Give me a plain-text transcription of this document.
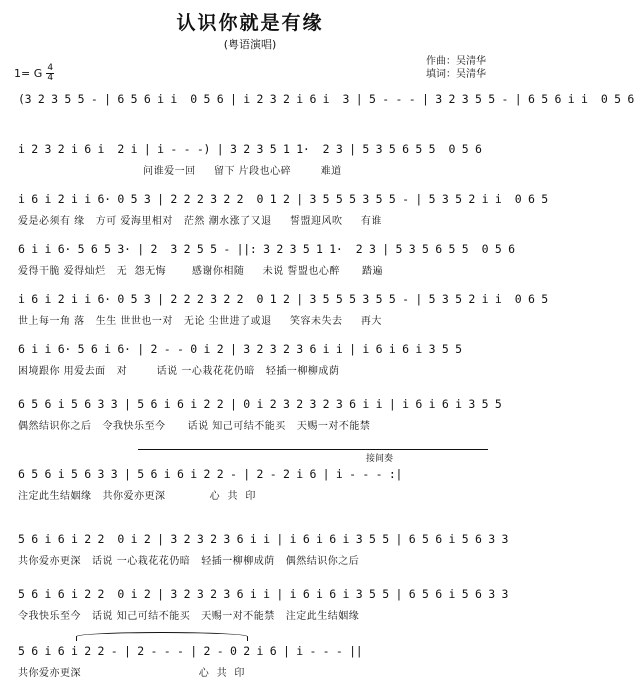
认识你就是有缘
(粤语演唱)
1= G 4
4
作曲：吴清华
填词：吴清华
(3 2 3 5 5 - | 6 5 6 i i  0 5 6 | i 2 3 2 i 6 i  3 | 5 - - - | 3 2 3 5 5 - | 6 5 6 i i  0 5 6
i 2 3 2 i 6 i  2 i | i - - -) | 3 2 3 5 1 1·  2 3 | 5 3 5 6 5 5  0 5 6
问谁爱一回     留下 片段也心碎        难道
i 6 i 2 i i 6· 0 5 3 | 2 2 2 3 2 2  0 1 2 | 3 5 5 5 3 5 5 - | 5 3 5 2 i i  0 6 5
爱是必须有 缘   方可 爱海里相对   茫然 潮水涨了又退     誓盟迎风吹     有谁
6 i i 6· 5 6 5 3· | 2  3 2 5 5 - ||: 3 2 3 5 1 1·  2 3 | 5 3 5 6 5 5  0 5 6
爱得干脆 爱得灿烂   无  怨无悔       感谢你相随     未说 誓盟也心醉      踏遍
i 6 i 2 i i 6· 0 5 3 | 2 2 2 3 2 2  0 1 2 | 3 5 5 5 3 5 5 - | 5 3 5 2 i i  0 6 5
世上每一角 落   生生 世世也一对   无论 尘世进了或退     笑容未失去     再大
6 i i 6· 5 6 i 6· | 2 - - 0 i 2 | 3 2 3 2 3 6 i i | i 6 i 6 i 3 5 5
困境跟你 用爱去面   对        话说 一心栽花花仍暗   轻插一柳柳成荫
6 5 6 i 5 6 3 3 | 5 6 i 6 i 2 2 | 0 i 2 3 2 3 2 3 6 i i | i 6 i 6 i 3 5 5
偶然结识你之后   令我快乐至今      话说 知己可结不能买   天赐一对不能禁
接间奏
6 5 6 i 5 6 3 3 | 5 6 i 6 i 2 2 - | 2 - 2 i 6 | i - - - :|
注定此生结姻缘   共你爱亦更深            心  共  印
5 6 i 6 i 2 2  0 i 2 | 3 2 3 2 3 6 i i | i 6 i 6 i 3 5 5 | 6 5 6 i 5 6 3 3
共你爱亦更深   话说 一心栽花花仍暗   轻插一柳柳成荫   偶然结识你之后
5 6 i 6 i 2 2  0 i 2 | 3 2 3 2 3 6 i i | i 6 i 6 i 3 5 5 | 6 5 6 i 5 6 3 3
令我快乐至今   话说 知己可结不能买   天赐一对不能禁   注定此生结姻缘
5 6 i 6 i 2 2 - | 2 - - - | 2 - 0 2 i 6 | i - - - ||
共你爱亦更深                                心  共  印
